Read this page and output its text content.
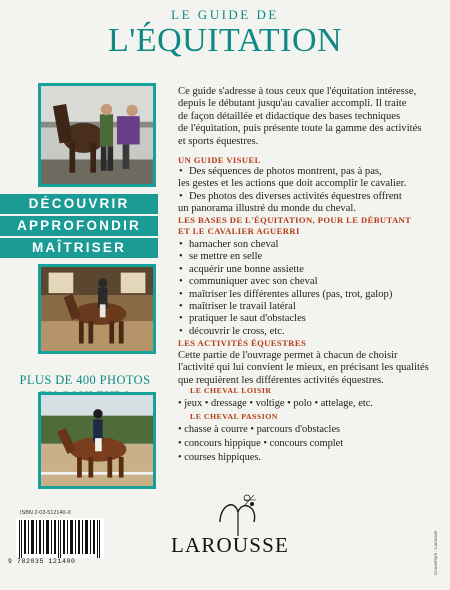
LE GUIDE DE
L'ÉQUITATION
DÉCOUVRIR
APPROFONDIR
MAÎTRISER
PLUS DE 400 PHOTOS
Ce guide s'adresse à tous ceux que l'équitation intéresse,
depuis le débutant jusqu'au cavalier accompli. Il traite
de façon détaillée et didactique des bases techniques
de l'équitation, puis présente toute la gamme des activités
et sports équestres.
UN GUIDE VISUEL
• Des séquences de photos montrent, pas à pas,
les gestes et les actions que doit accomplir le cavalier.
• Des photos des diverses activités équestres offrent
un panorama illustré du monde du cheval.
LES BASES DE L'ÉQUITATION, POUR LE DÉBUTANT
ET LE CAVALIER AGUERRI
• harnacher son cheval
• se mettre en selle
• acquérir une bonne assiette
• communiquer avec son cheval
• maîtriser les différentes allures (pas, trot, galop)
• maîtriser le travail latéral
• pratiquer le saut d'obstacles
• découvrir le cross, etc.
LES ACTIVITÉS ÉQUESTRES
Cette partie de l'ouvrage permet à chacun de choisir
l'activité qui lui convient le mieux, en précisant les qualités
que requièrent les différentes activités équestres.
LE CHEVAL LOISIR
• jeux • dressage • voltige • polo • attelage, etc.
LE CHEVAL PASSION
• chasse à courre • parcours d'obstacles
• concours hippique • concours complet
• courses hippiques.
ISBN 2-03-512140-X
9 782035 121400
LAROUSSE	Couverture : Larousse
